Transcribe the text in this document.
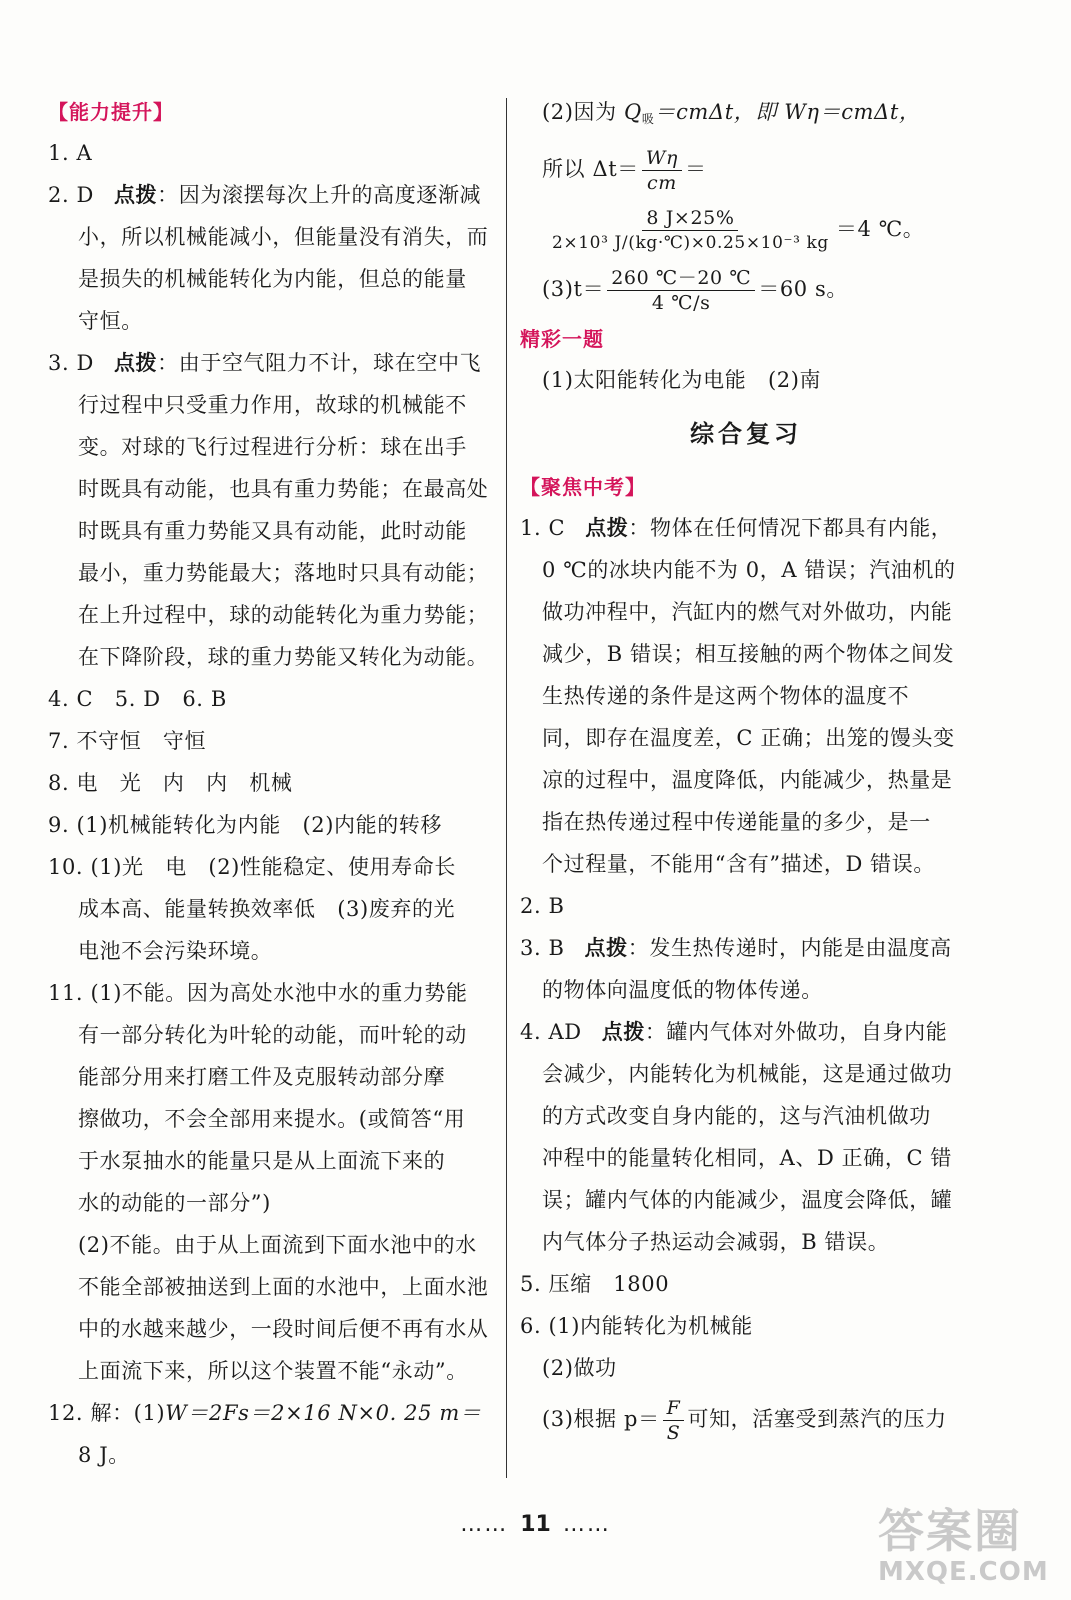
【能力提升】
1. A
2. D 点拨：因为滚摆每次上升的高度逐渐减
小，所以机械能减小，但能量没有消失，而
是损失的机械能转化为内能，但总的能量
守恒。
3. D 点拨：由于空气阻力不计，球在空中飞
行过程中只受重力作用，故球的机械能不
变。对球的飞行过程进行分析：球在出手
时既具有动能，也具有重力势能；在最高处
时既具有重力势能又具有动能，此时动能
最小，重力势能最大；落地时只具有动能；
在上升过程中，球的动能转化为重力势能；
在下降阶段，球的重力势能又转化为动能。
4. C　5. D　6. B
7. 不守恒　守恒
8. 电　光　内　内　机械
9. (1)机械能转化为内能　(2)内能的转移
10. (1)光　电　(2)性能稳定、使用寿命长
成本高、能量转换效率低　(3)废弃的光
电池不会污染环境。
11. (1)不能。因为高处水池中水的重力势能
有一部分转化为叶轮的动能，而叶轮的动
能部分用来打磨工件及克服转动部分摩
擦做功，不会全部用来提水。(或简答“用
于水泵抽水的能量只是从上面流下来的
水的动能的一部分”)
(2)不能。由于从上面流到下面水池中的水
不能全部被抽送到上面的水池中，上面水池
中的水越来越少，一段时间后便不再有水从
上面流下来，所以这个装置不能“永动”。
12. 解：(1)W＝2Fs＝2×16 N×0. 25 m＝
8 J。
(2)因为 $Q_吸=cm\Delta t$，即 Wη＝cmΔt，
所以 $\Delta t= \frac{W\eta}{cm}$ ＝
$\frac{8 J\times 25\%}{\text{2×10³ J/(kg·℃)×0.25×10⁻³ kg}} =4$ ℃。
$(3)t= \frac{260 ℃-20 ℃}{4 ℃/s} =60$ s。
精彩一题
(1)太阳能转化为电能　(2)南
综合复习
【聚焦中考】
1. C 点拨：物体在任何情况下都具有内能，
0 ℃的冰块内能不为 0，A 错误；汽油机的
做功冲程中，汽缸内的燃气对外做功，内能
减少，B 错误；相互接触的两个物体之间发
生热传递的条件是这两个物体的温度不
同，即存在温度差，C 正确；出笼的馒头变
凉的过程中，温度降低，内能减少，热量是
指在热传递过程中传递能量的多少，是一
个过程量，不能用“含有”描述，D 错误。
2. B
3. B 点拨：发生热传递时，内能是由温度高
的物体向温度低的物体传递。
4. AD 点拨：罐内气体对外做功，自身内能
会减少，内能转化为机械能，这是通过做功
的方式改变自身内能的，这与汽油机做功
冲程中的能量转化相同，A、D 正确，C 错
误；罐内气体的内能减少，温度会降低，罐
内气体分子热运动会减弱，B 错误。
5. 压缩　1800
6. (1)内能转化为机械能
(2)做功
(3)根据 $p= \frac{F}{S}$ 可知，活塞受到蒸汽的压力
…… 11 ……	答案圈
MXQE.COM
